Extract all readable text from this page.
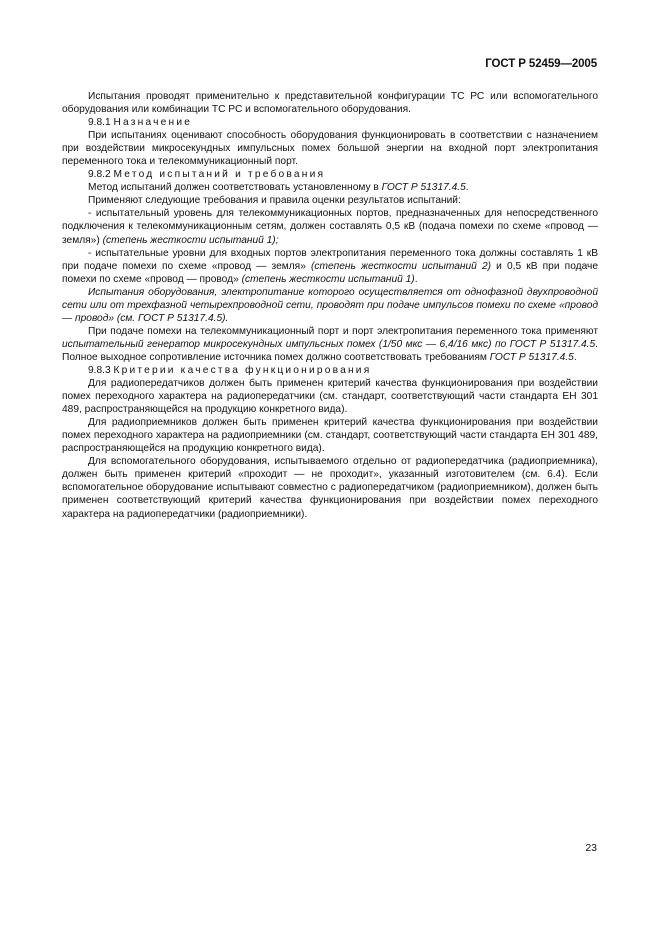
ГОСТ Р 52459—2005

Испытания проводят применительно к представительной конфигурации ТС РС или вспомогательного оборудования или комбинации ТС РС и вспомогательного оборудования.

9.8.1 Назначение

При испытаниях оценивают способность оборудования функционировать в соответствии с назначением при воздействии микросекундных импульсных помех большой энергии на входной порт электропитания переменного тока и телекоммуникационный порт.

9.8.2 Метод испытаний и требования

Метод испытаний должен соответствовать установленному в ГОСТ Р 51317.4.5.

Применяют следующие требования и правила оценки результатов испытаний:

- испытательный уровень для телекоммуникационных портов, предназначенных для непосредственного подключения к телекоммуникационным сетям, должен составлять 0,5 кВ (подача помехи по схеме «провод — земля») (степень жесткости испытаний 1);

- испытательные уровни для входных портов электропитания переменного тока должны составлять 1 кВ при подаче помехи по схеме «провод — земля» (степень жесткости испытаний 2) и 0,5 кВ при подаче помехи по схеме «провод — провод» (степень жесткости испытаний 1).

Испытания оборудования, электропитание которого осуществляется от однофазной двухпроводной сети или от трехфазной четырехпроводной сети, проводят при подаче импульсов помехи по схеме «провод — провод» (см. ГОСТ Р 51317.4.5).

При подаче помехи на телекоммуникационный порт и порт электропитания переменного тока применяют испытательный генератор микросекундных импульсных помех (1/50 мкс — 6,4/16 мкс) по ГОСТ Р 51317.4.5. Полное выходное сопротивление источника помех должно соответствовать требованиям ГОСТ Р 51317.4.5.

9.8.3 Критерии качества функционирования

Для радиопередатчиков должен быть применен критерий качества функционирования при воздействии помех переходного характера на радиопередатчики (см. стандарт, соответствующий части стандарта ЕН 301 489, распространяющейся на продукцию конкретного вида).

Для радиоприемников должен быть применен критерий качества функционирования при воздействии помех переходного характера на радиоприемники (см. стандарт, соответствующий части стандарта ЕН 301 489, распространяющейся на продукцию конкретного вида).

Для вспомогательного оборудования, испытываемого отдельно от радиопередатчика (радиоприемника), должен быть применен критерий «проходит — не проходит», указанный изготовителем (см. 6.4). Если вспомогательное оборудование испытывают совместно с радиопередатчиком (радиоприемником), должен быть применен соответствующий критерий качества функционирования при воздействии помех переходного характера на радиопередатчики (радиоприемники).

23
